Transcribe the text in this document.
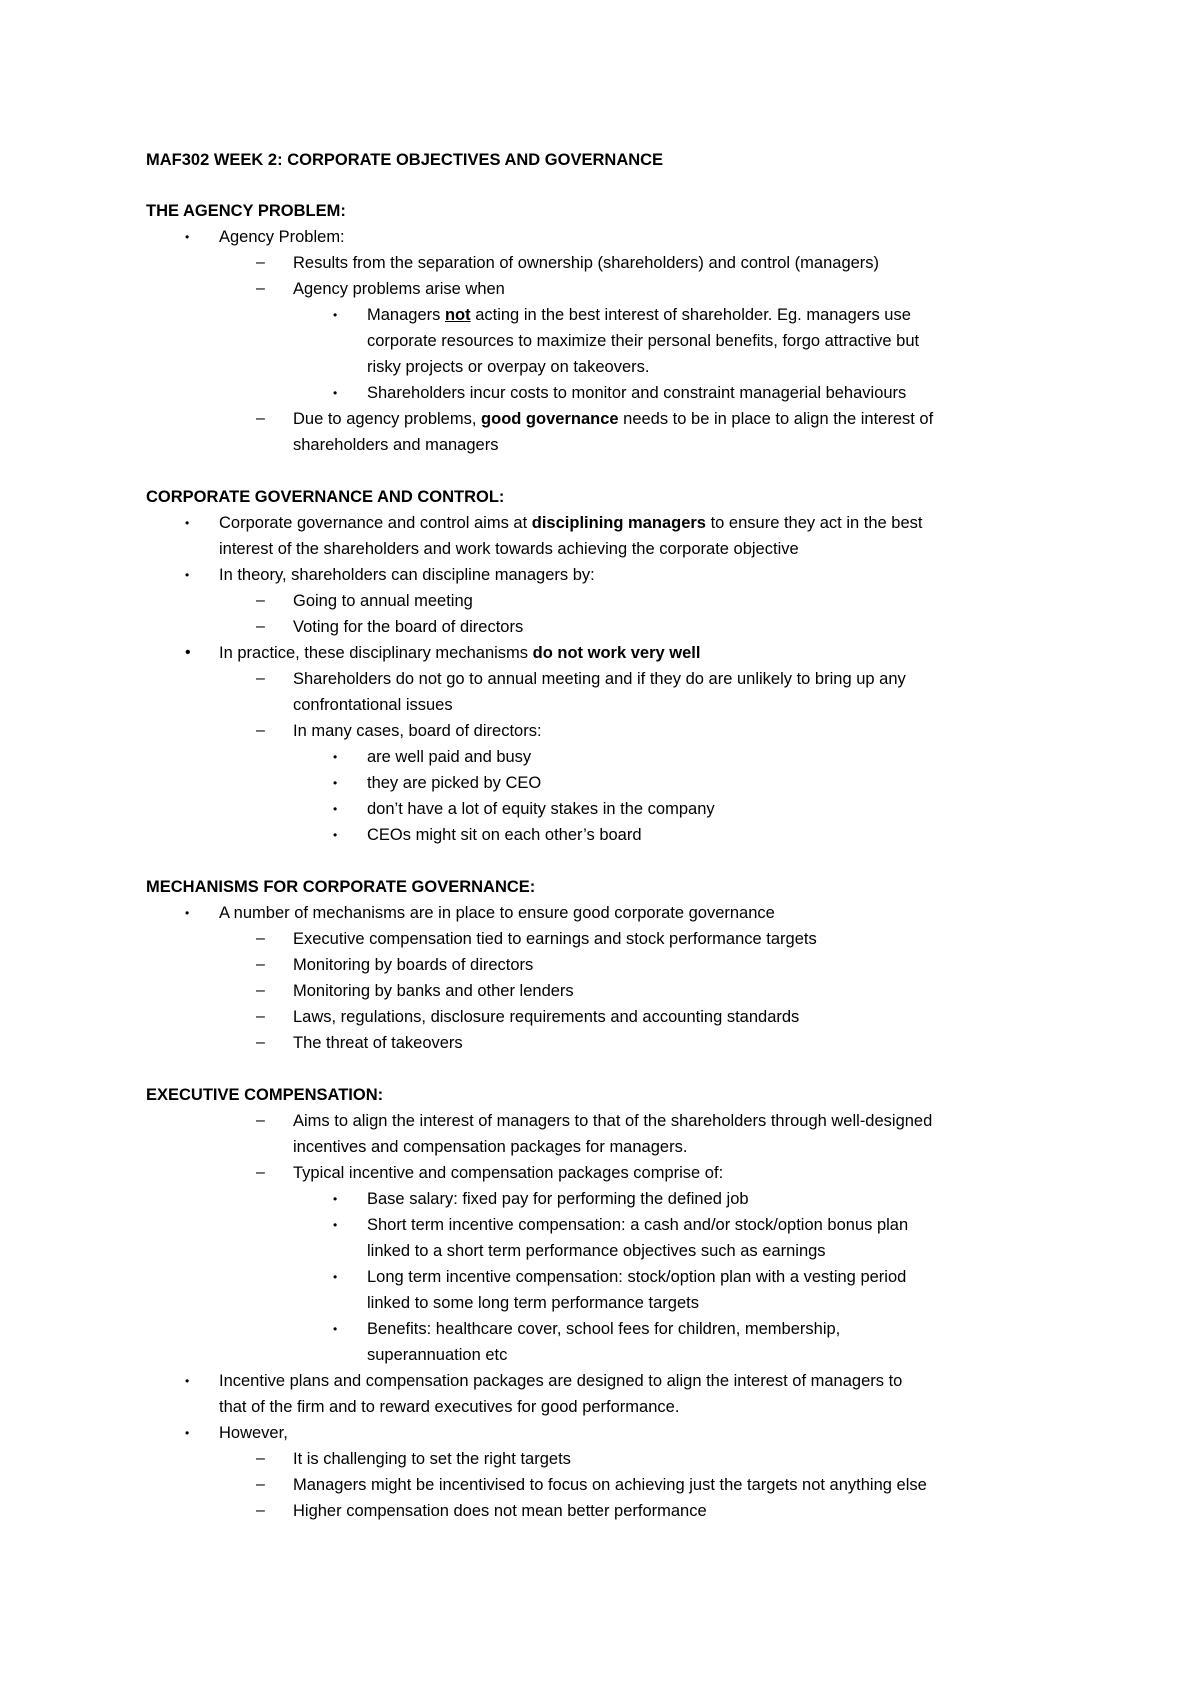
MAF302 WEEK 2: CORPORATE OBJECTIVES AND GOVERNANCE
THE AGENCY PROBLEM:
• Agency Problem:
– Results from the separation of ownership (shareholders) and control (managers)
– Agency problems arise when
• Managers not acting in the best interest of shareholder. Eg. managers use
corporate resources to maximize their personal benefits, forgo attractive but
risky projects or overpay on takeovers.
• Shareholders incur costs to monitor and constraint managerial behaviours
– Due to agency problems, good governance needs to be in place to align the interest of
shareholders and managers
CORPORATE GOVERNANCE AND CONTROL:
• Corporate governance and control aims at disciplining managers to ensure they act in the best
interest of the shareholders and work towards achieving the corporate objective
• In theory, shareholders can discipline managers by:
– Going to annual meeting
– Voting for the board of directors
• In practice, these disciplinary mechanisms do not work very well
– Shareholders do not go to annual meeting and if they do are unlikely to bring up any
confrontational issues
– In many cases, board of directors:
• are well paid and busy
• they are picked by CEO
• don’t have a lot of equity stakes in the company
• CEOs might sit on each other’s board
MECHANISMS FOR CORPORATE GOVERNANCE:
• A number of mechanisms are in place to ensure good corporate governance
– Executive compensation tied to earnings and stock performance targets
– Monitoring by boards of directors
– Monitoring by banks and other lenders
– Laws, regulations, disclosure requirements and accounting standards
– The threat of takeovers
EXECUTIVE COMPENSATION:
– Aims to align the interest of managers to that of the shareholders through well-designed
incentives and compensation packages for managers.
– Typical incentive and compensation packages comprise of:
• Base salary: fixed pay for performing the defined job
• Short term incentive compensation: a cash and/or stock/option bonus plan
linked to a short term performance objectives such as earnings
• Long term incentive compensation: stock/option plan with a vesting period
linked to some long term performance targets
• Benefits: healthcare cover, school fees for children, membership,
superannuation etc
• Incentive plans and compensation packages are designed to align the interest of managers to
that of the firm and to reward executives for good performance.
• However,
– It is challenging to set the right targets
– Managers might be incentivised to focus on achieving just the targets not anything else
– Higher compensation does not mean better performance
